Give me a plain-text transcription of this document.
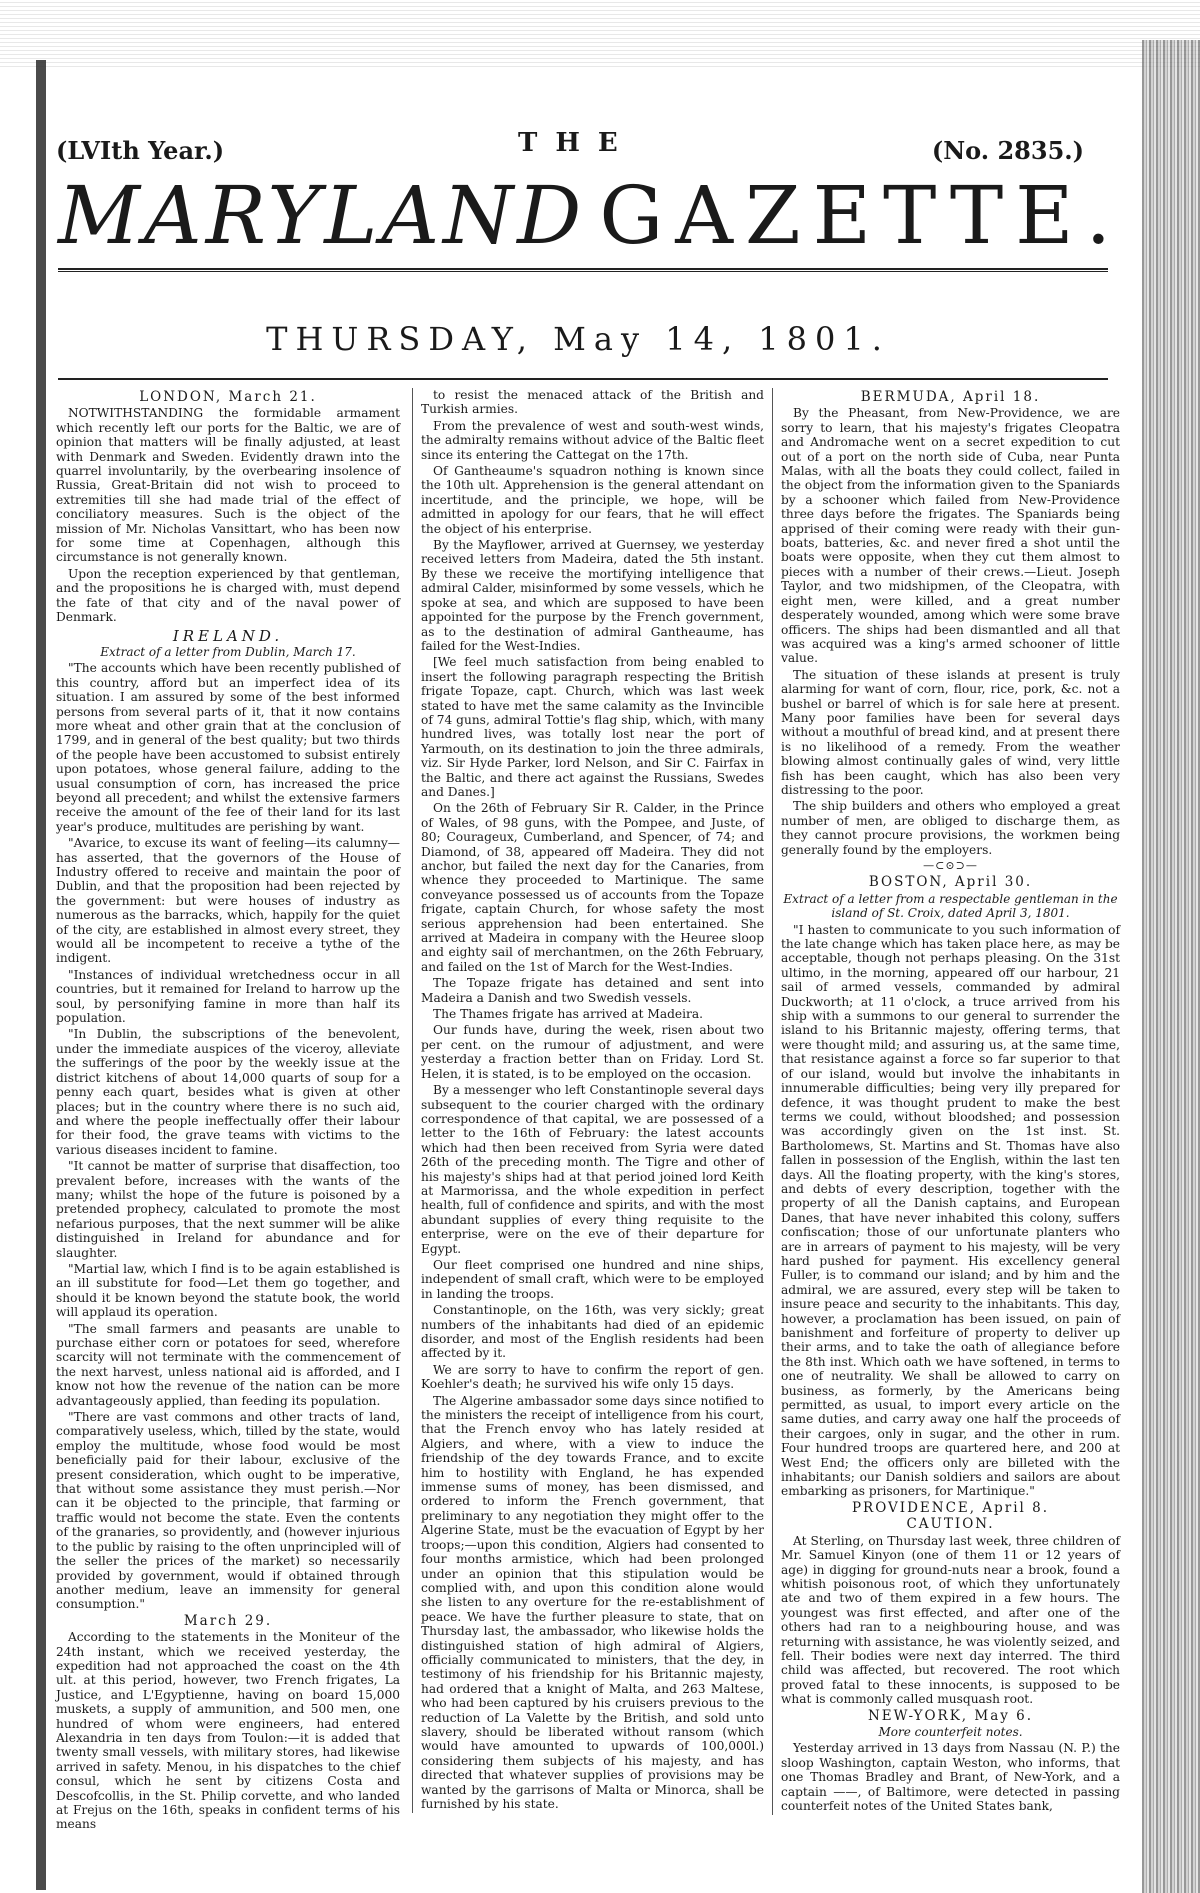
(LVIth Year.)	THE	(No. 2835.)
MARYLAND GAZETTE.
THURSDAY, May 14, 1801.
LONDON, March 21.

NOTWITHSTANDING the formidable armament which recently left our ports for the Baltic, we are of opinion that matters will be finally adjusted, at least with Denmark and Sweden. Evidently drawn into the quarrel involuntarily, by the overbearing insolence of Russia, Great-Britain did not wish to proceed to extremities till she had made trial of the effect of conciliatory measures. Such is the object of the mission of Mr. Nicholas Vansittart, who has been now for some time at Copenhagen, although this circumstance is not generally known.

Upon the reception experienced by that gentleman, and the propositions he is charged with, must depend the fate of that city and of the naval power of Denmark.

IRELAND.
Extract of a letter from Dublin, March 17.

"The accounts which have been recently published of this country, afford but an imperfect idea of its situation. I am assured by some of the best informed persons from several parts of it, that it now contains more wheat and other grain that at the conclusion of 1799, and in general of the best quality; but two thirds of the people have been accustomed to subsist entirely upon potatoes, whose general failure, adding to the usual consumption of corn, has increased the price beyond all precedent; and whilst the extensive farmers receive the amount of the fee of their land for its last year's produce, multitudes are perishing by want.

"Avarice, to excuse its want of feeling—its calumny—has asserted, that the governors of the House of Industry offered to receive and maintain the poor of Dublin, and that the proposition had been rejected by the government: but were houses of industry as numerous as the barracks, which, happily for the quiet of the city, are established in almost every street, they would all be incompetent to receive a tythe of the indigent.

"Instances of individual wretchedness occur in all countries, but it remained for Ireland to harrow up the soul, by personifying famine in more than half its population.

"In Dublin, the subscriptions of the benevolent, under the immediate auspices of the viceroy, alleviate the sufferings of the poor by the weekly issue at the district kitchens of about 14,000 quarts of soup for a penny each quart, besides what is given at other places; but in the country where there is no such aid, and where the people ineffectually offer their labour for their food, the grave teams with victims to the various diseases incident to famine.

"It cannot be matter of surprise that disaffection, too prevalent before, increases with the wants of the many; whilst the hope of the future is poisoned by a pretended prophecy, calculated to promote the most nefarious purposes, that the next summer will be alike distinguished in Ireland for abundance and for slaughter.

"Martial law, which I find is to be again established is an ill substitute for food—Let them go together, and should it be known beyond the statute book, the world will applaud its operation.

"The small farmers and peasants are unable to purchase either corn or potatoes for seed, wherefore scarcity will not terminate with the commencement of the next harvest, unless national aid is afforded, and I know not how the revenue of the nation can be more advantageously applied, than feeding its population.

"There are vast commons and other tracts of land, comparatively useless, which, tilled by the state, would employ the multitude, whose food would be most beneficially paid for their labour, exclusive of the present consideration, which ought to be imperative, that without some assistance they must perish.—Nor can it be objected to the principle, that farming or traffic would not become the state. Even the contents of the granaries, so providently, and (however injurious to the public by raising to the often unprincipled will of the seller the prices of the market) so necessarily provided by government, would if obtained through another medium, leave an immensity for general consumption."

March 29.

According to the statements in the Moniteur of the 24th instant, which we received yesterday, the expedition had not approached the coast on the 4th ult. at this period, however, two French frigates, La Justice, and L'Egyptienne, having on board 15,000 muskets, a supply of ammunition, and 500 men, one hundred of whom were engineers, had entered Alexandria in ten days from Toulon:—it is added that twenty small vessels, with military stores, had likewise arrived in safety. Menou, in his dispatches to the chief consul, which he sent by citizens Costa and Descofcollis, in the St. Philip corvette, and who landed at Frejus on the 16th, speaks in confident terms of his means

to resist the menaced attack of the British and Turkish armies.

From the prevalence of west and south-west winds, the admiralty remains without advice of the Baltic fleet since its entering the Cattegat on the 17th.

Of Gantheaume's squadron nothing is known since the 10th ult. Apprehension is the general attendant on incertitude, and the principle, we hope, will be admitted in apology for our fears, that he will effect the object of his enterprise.

By the Mayflower, arrived at Guernsey, we yesterday received letters from Madeira, dated the 5th instant. By these we receive the mortifying intelligence that admiral Calder, misinformed by some vessels, which he spoke at sea, and which are supposed to have been appointed for the purpose by the French government, as to the destination of admiral Gantheaume, has failed for the West-Indies.

[We feel much satisfaction from being enabled to insert the following paragraph respecting the British frigate Topaze, capt. Church, which was last week stated to have met the same calamity as the Invincible of 74 guns, admiral Tottie's flag ship, which, with many hundred lives, was totally lost near the port of Yarmouth, on its destination to join the three admirals, viz. Sir Hyde Parker, lord Nelson, and Sir C. Fairfax in the Baltic, and there act against the Russians, Swedes and Danes.]

On the 26th of February Sir R. Calder, in the Prince of Wales, of 98 guns, with the Pompee, and Juste, of 80; Courageux, Cumberland, and Spencer, of 74; and Diamond, of 38, appeared off Madeira. They did not anchor, but failed the next day for the Canaries, from whence they proceeded to Martinique. The same conveyance possessed us of accounts from the Topaze frigate, captain Church, for whose safety the most serious apprehension had been entertained. She arrived at Madeira in company with the Heuree sloop and eighty sail of merchantmen, on the 26th February, and failed on the 1st of March for the West-Indies.

The Topaze frigate has detained and sent into Madeira a Danish and two Swedish vessels.

The Thames frigate has arrived at Madeira.

Our funds have, during the week, risen about two per cent. on the rumour of adjustment, and were yesterday a fraction better than on Friday. Lord St. Helen, it is stated, is to be employed on the occasion.

By a messenger who left Constantinople several days subsequent to the courier charged with the ordinary correspondence of that capital, we are possessed of a letter to the 16th of February: the latest accounts which had then been received from Syria were dated 26th of the preceding month. The Tigre and other of his majesty's ships had at that period joined lord Keith at Marmorissa, and the whole expedition in perfect health, full of confidence and spirits, and with the most abundant supplies of every thing requisite to the enterprise, were on the eve of their departure for Egypt.

Our fleet comprised one hundred and nine ships, independent of small craft, which were to be employed in landing the troops.

Constantinople, on the 16th, was very sickly; great numbers of the inhabitants had died of an epidemic disorder, and most of the English residents had been affected by it.

We are sorry to have to confirm the report of gen. Koehler's death; he survived his wife only 15 days.

The Algerine ambassador some days since notified to the ministers the receipt of intelligence from his court, that the French envoy who has lately resided at Algiers, and where, with a view to induce the friendship of the dey towards France, and to excite him to hostility with England, he has expended immense sums of money, has been dismissed, and ordered to inform the French government, that preliminary to any negotiation they might offer to the Algerine State, must be the evacuation of Egypt by her troops;—upon this condition, Algiers had consented to four months armistice, which had been prolonged under an opinion that this stipulation would be complied with, and upon this condition alone would she listen to any overture for the re-establishment of peace. We have the further pleasure to state, that on Thursday last, the ambassador, who likewise holds the distinguished station of high admiral of Algiers, officially communicated to ministers, that the dey, in testimony of his friendship for his Britannic majesty, had ordered that a knight of Malta, and 263 Maltese, who had been captured by his cruisers previous to the reduction of La Valette by the British, and sold unto slavery, should be liberated without ransom (which would have amounted to upwards of 100,000l.) considering them subjects of his majesty, and has directed that whatever supplies of provisions may be wanted by the garrisons of Malta or Minorca, shall be furnished by his state.

BERMUDA, April 18.

By the Pheasant, from New-Providence, we are sorry to learn, that his majesty's frigates Cleopatra and Andromache went on a secret expedition to cut out of a port on the north side of Cuba, near Punta Malas, with all the boats they could collect, failed in the object from the information given to the Spaniards by a schooner which failed from New-Providence three days before the frigates. The Spaniards being apprised of their coming were ready with their gun-boats, batteries, &c. and never fired a shot until the boats were opposite, when they cut them almost to pieces with a number of their crews.—Lieut. Joseph Taylor, and two midshipmen, of the Cleopatra, with eight men, were killed, and a great number desperately wounded, among which were some brave officers. The ships had been dismantled and all that was acquired was a king's armed schooner of little value.

The situation of these islands at present is truly alarming for want of corn, flour, rice, pork, &c. not a bushel or barrel of which is for sale here at present. Many poor families have been for several days without a mouthful of bread kind, and at present there is no likelihood of a remedy. From the weather blowing almost continually gales of wind, very little fish has been caught, which has also been very distressing to the poor.

The ship builders and others who employed a great number of men, are obliged to discharge them, as they cannot procure provisions, the workmen being generally found by the employers.

—⊂⊙⊃—
BOSTON, April 30.
Extract of a letter from a respectable gentleman in the island of St. Croix, dated April 3, 1801.

"I hasten to communicate to you such information of the late change which has taken place here, as may be acceptable, though not perhaps pleasing. On the 31st ultimo, in the morning, appeared off our harbour, 21 sail of armed vessels, commanded by admiral Duckworth; at 11 o'clock, a truce arrived from his ship with a summons to our general to surrender the island to his Britannic majesty, offering terms, that were thought mild; and assuring us, at the same time, that resistance against a force so far superior to that of our island, would but involve the inhabitants in innumerable difficulties; being very illy prepared for defence, it was thought prudent to make the best terms we could, without bloodshed; and possession was accordingly given on the 1st inst. St. Bartholomews, St. Martins and St. Thomas have also fallen in possession of the English, within the last ten days. All the floating property, with the king's stores, and debts of every description, together with the property of all the Danish captains, and European Danes, that have never inhabited this colony, suffers confiscation; those of our unfortunate planters who are in arrears of payment to his majesty, will be very hard pushed for payment. His excellency general Fuller, is to command our island; and by him and the admiral, we are assured, every step will be taken to insure peace and security to the inhabitants. This day, however, a proclamation has been issued, on pain of banishment and forfeiture of property to deliver up their arms, and to take the oath of allegiance before the 8th inst. Which oath we have softened, in terms to one of neutrality. We shall be allowed to carry on business, as formerly, by the Americans being permitted, as usual, to import every article on the same duties, and carry away one half the proceeds of their cargoes, only in sugar, and the other in rum. Four hundred troops are quartered here, and 200 at West End; the officers only are billeted with the inhabitants; our Danish soldiers and sailors are about embarking as prisoners, for Martinique."

PROVIDENCE, April 8.
CAUTION.

At Sterling, on Thursday last week, three children of Mr. Samuel Kinyon (one of them 11 or 12 years of age) in digging for ground-nuts near a brook, found a whitish poisonous root, of which they unfortunately ate and two of them expired in a few hours. The youngest was first effected, and after one of the others had ran to a neighbouring house, and was returning with assistance, he was violently seized, and fell. Their bodies were next day interred. The third child was affected, but recovered. The root which proved fatal to these innocents, is supposed to be what is commonly called musquash root.

NEW-YORK, May 6.
More counterfeit notes.

Yesterday arrived in 13 days from Nassau (N. P.) the sloop Washington, captain Weston, who informs, that one Thomas Bradley and Brant, of New-York, and a captain ——, of Baltimore, were detected in passing counterfeit notes of the United States bank,
